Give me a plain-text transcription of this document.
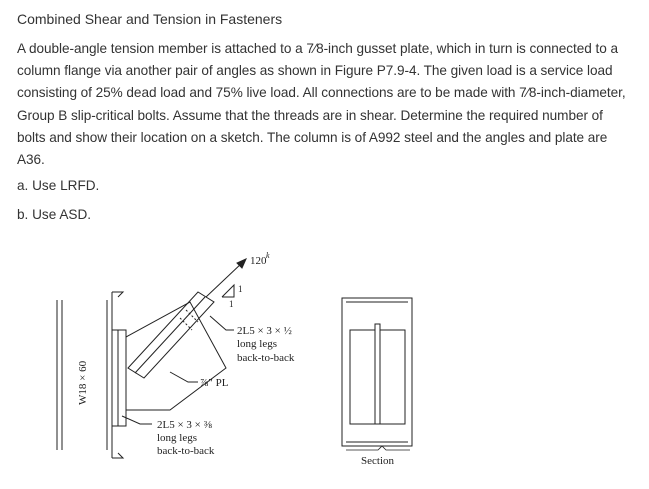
Combined Shear and Tension in Fasteners
A double-angle tension member is attached to a 7⁄8-inch gusset plate, which in turn is connected to a column flange via another pair of angles as shown in Figure P7.9-4. The given load is a service load consisting of 25% dead load and 75% live load. All connections are to be made with 7⁄8-inch-diameter, Group B slip-critical bolts. Assume that the threads are in shear. Determine the required number of bolts and show their location on a sketch. The column is of A992 steel and the angles and plate are A36.
a. Use LRFD.
b. Use ASD.
W18 × 60
120 k
1
1
2L5 × 3 × ½
long legs
back-to-back
⅞″ PL
2L5 × 3 × ⅜
long legs
back-to-back
Section
